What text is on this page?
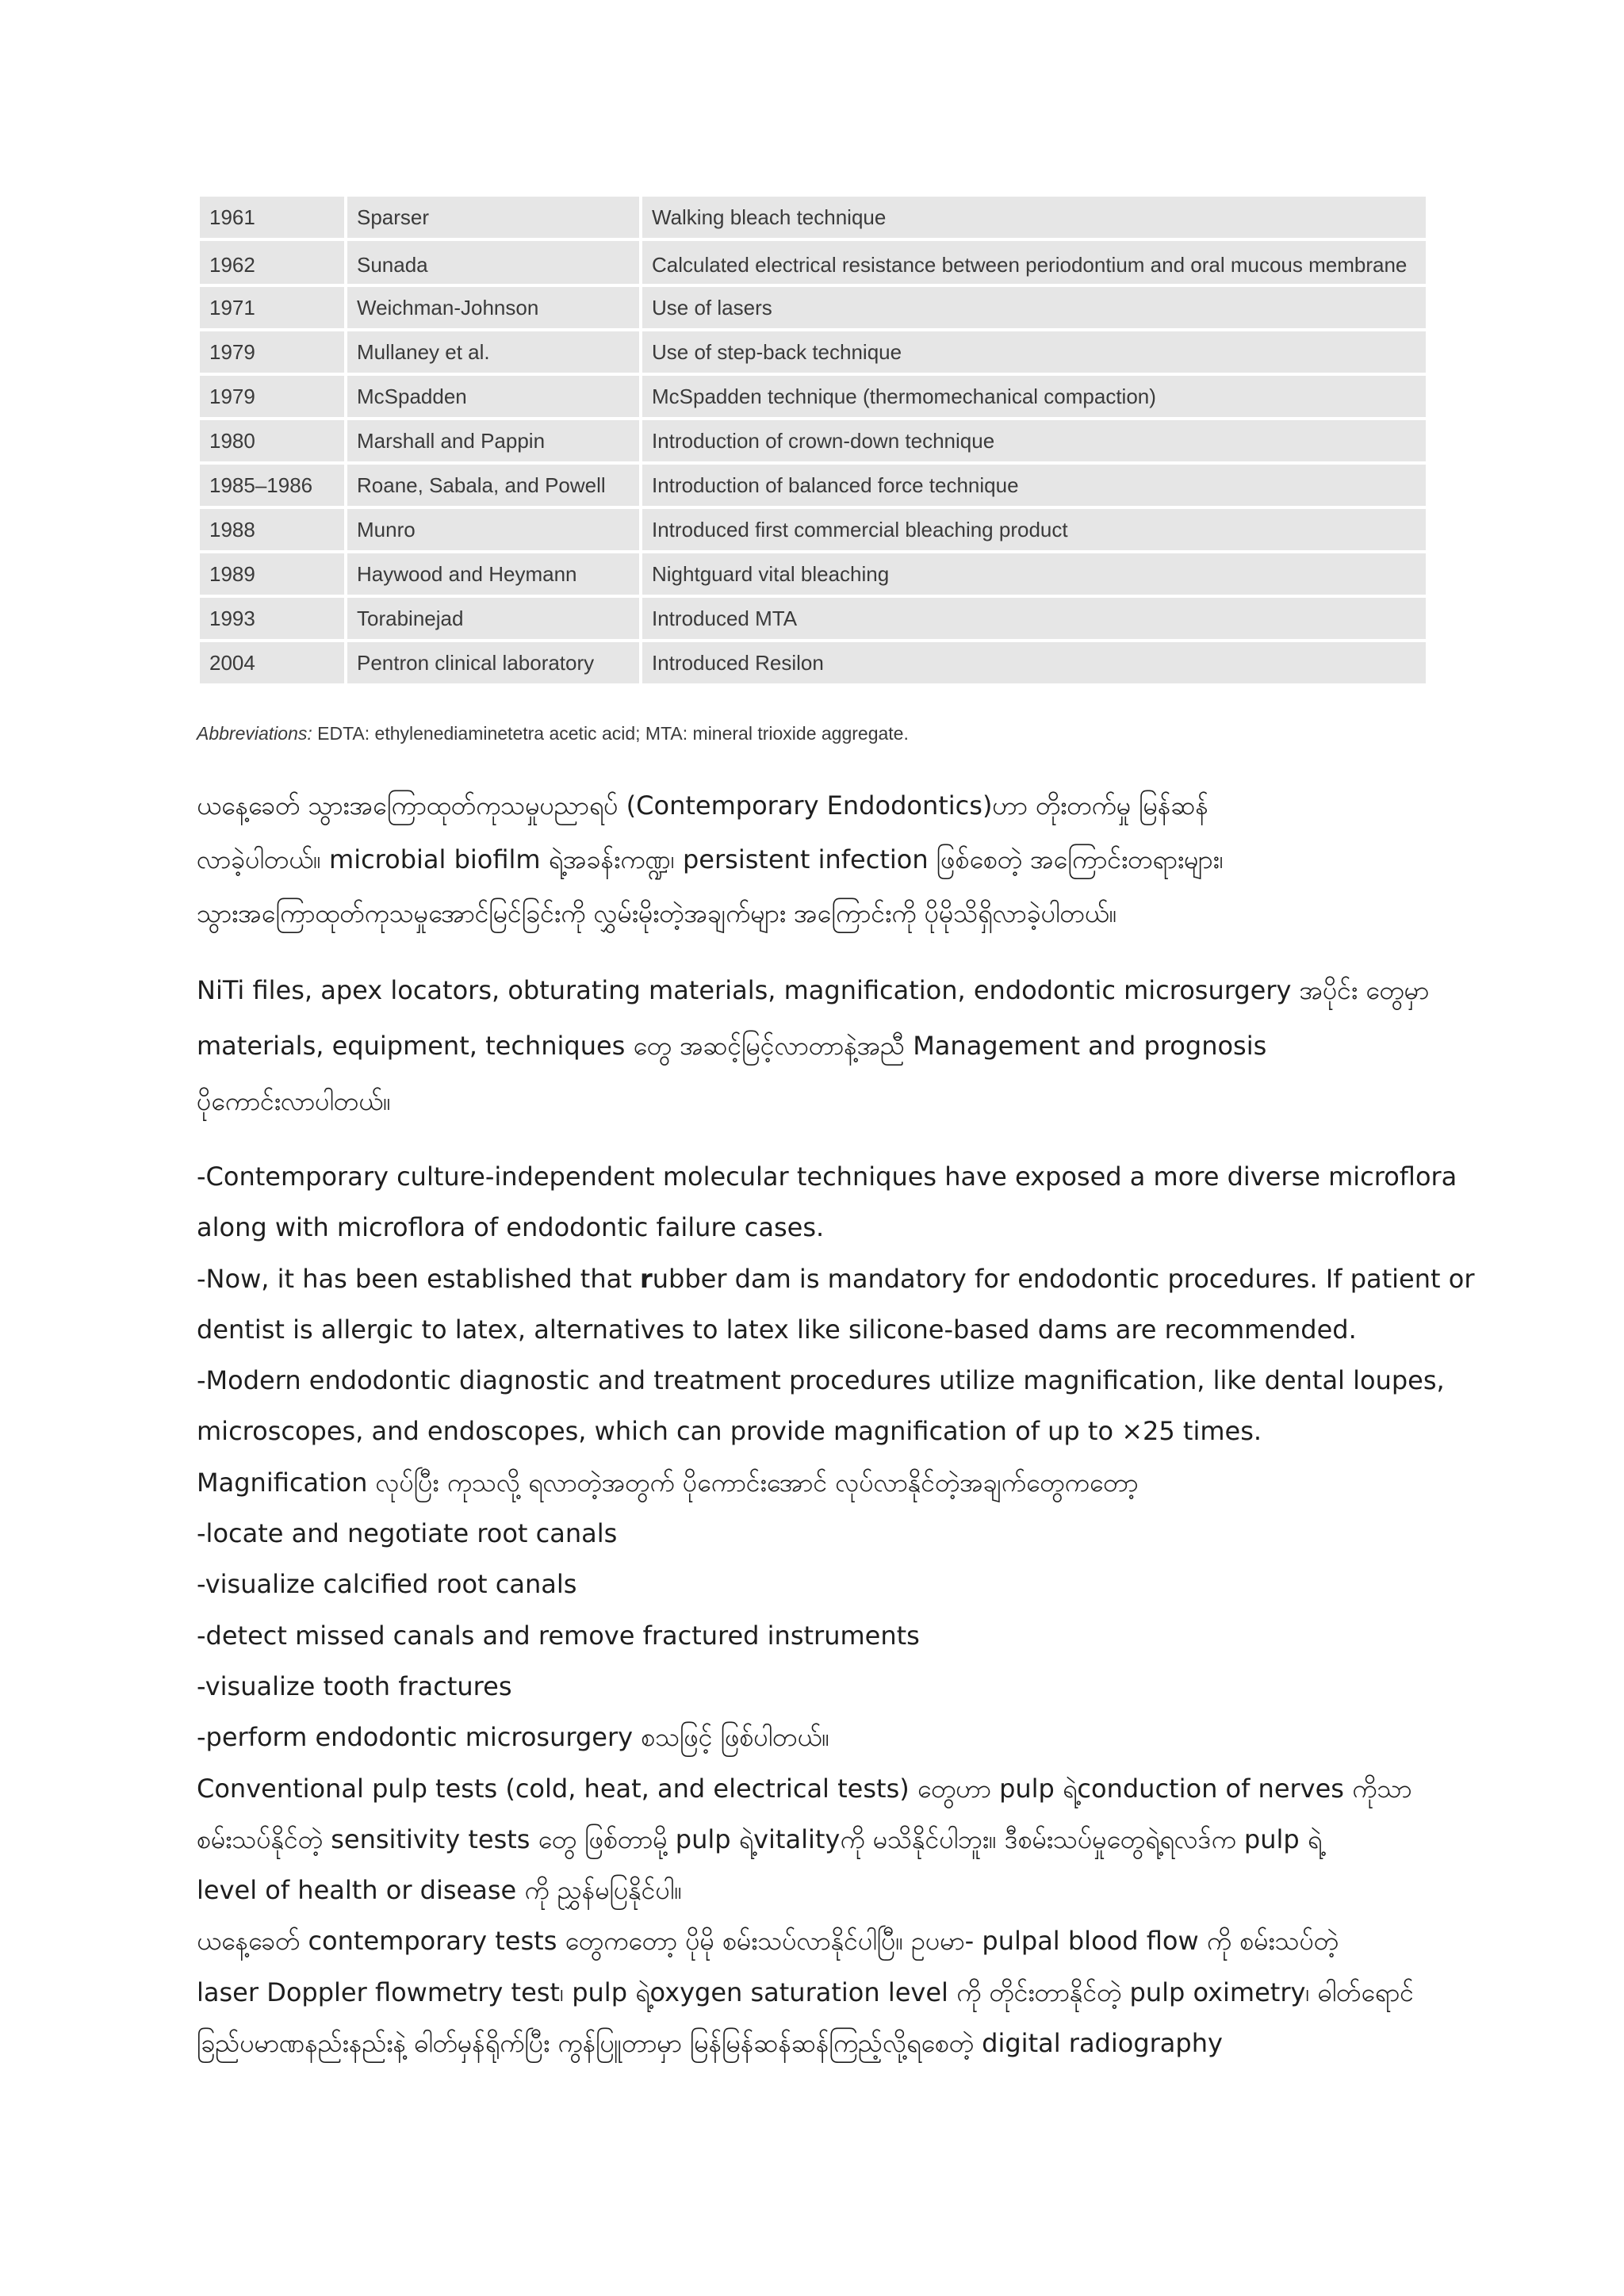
1961	Sparser	Walking bleach technique
1962	Sunada	Calculated electrical resistance between periodontium and oral mucous membrane
1971	Weichman-Johnson	Use of lasers
1979	Mullaney et al.	Use of step-back technique
1979	McSpadden	McSpadden technique (thermomechanical compaction)
1980	Marshall and Pappin	Introduction of crown-down technique
1985–1986	Roane, Sabala, and Powell	Introduction of balanced force technique
1988	Munro	Introduced first commercial bleaching product
1989	Haywood and Heymann	Nightguard vital bleaching
1993	Torabinejad	Introduced MTA
2004	Pentron clinical laboratory	Introduced Resilon
Abbreviations: EDTA: ethylenediaminetetra acetic acid; MTA: mineral trioxide aggregate.
ယနေ့ခေတ် သွားအကြောထုတ်ကုသမှုပညာရပ် (Contemporary Endodontics)ဟာ တိုးတက်မှု မြန်ဆန်
လာခဲ့ပါတယ်။ microbial biofilm ရဲ့အခန်းကဏ္ဍ၊ persistent infection ဖြစ်စေတဲ့ အကြောင်းတရားများ၊
သွားအကြောထုတ်ကုသမှုအောင်မြင်ခြင်းကို လွှမ်းမိုးတဲ့အချက်များ အကြောင်းကို ပိုမိုသိရှိလာခဲ့ပါတယ်။
NiTi files, apex locators, obturating materials, magnification, endodontic microsurgery အပိုင်း တွေမှာ
materials, equipment, techniques တွေ အဆင့်မြင့်လာတာနဲ့အညီ Management and prognosis
ပိုကောင်းလာပါတယ်။
-Contemporary culture-independent molecular techniques have exposed a more diverse microflora
along with microflora of endodontic failure cases.
-Now, it has been established that rubber dam is mandatory for endodontic procedures. If patient or
dentist is allergic to latex, alternatives to latex like silicone-based dams are recommended.
-Modern endodontic diagnostic and treatment procedures utilize magnification, like dental loupes,
microscopes, and endoscopes, which can provide magnification of up to ×25 times.
Magnification လုပ်ပြီး ကုသလို့ ရလာတဲ့အတွက် ပိုကောင်းအောင် လုပ်လာနိုင်တဲ့အချက်တွေကတော့
-locate and negotiate root canals
-visualize calcified root canals
-detect missed canals and remove fractured instruments
-visualize tooth fractures
-perform endodontic microsurgery စသဖြင့် ဖြစ်ပါတယ်။
Conventional pulp tests (cold, heat, and electrical tests) တွေဟာ pulp ရဲ့conduction of nerves ကိုသာ
စမ်းသပ်နိုင်တဲ့ sensitivity tests တွေ ဖြစ်တာမို့ pulp ရဲ့vitalityကို မသိနိုင်ပါဘူး။ ဒီစမ်းသပ်မှုတွေရဲ့ရလဒ်က pulp ရဲ့
level of health or disease ကို ညွှန်မပြနိုင်ပါ။
ယနေ့ခေတ် contemporary tests တွေကတော့ ပိုမို စမ်းသပ်လာနိုင်ပါပြီ။ ဥပမာ- pulpal blood flow ကို စမ်းသပ်တဲ့
laser Doppler flowmetry test၊ pulp ရဲ့oxygen saturation level ကို တိုင်းတာနိုင်တဲ့ pulp oximetry၊ ဓါတ်ရောင်
ခြည်ပမာဏနည်းနည်းနဲ့ ဓါတ်မှန်ရိုက်ပြီး ကွန်ပြူတာမှာ မြန်မြန်ဆန်ဆန်ကြည့်လို့ရစေတဲ့ digital radiography
